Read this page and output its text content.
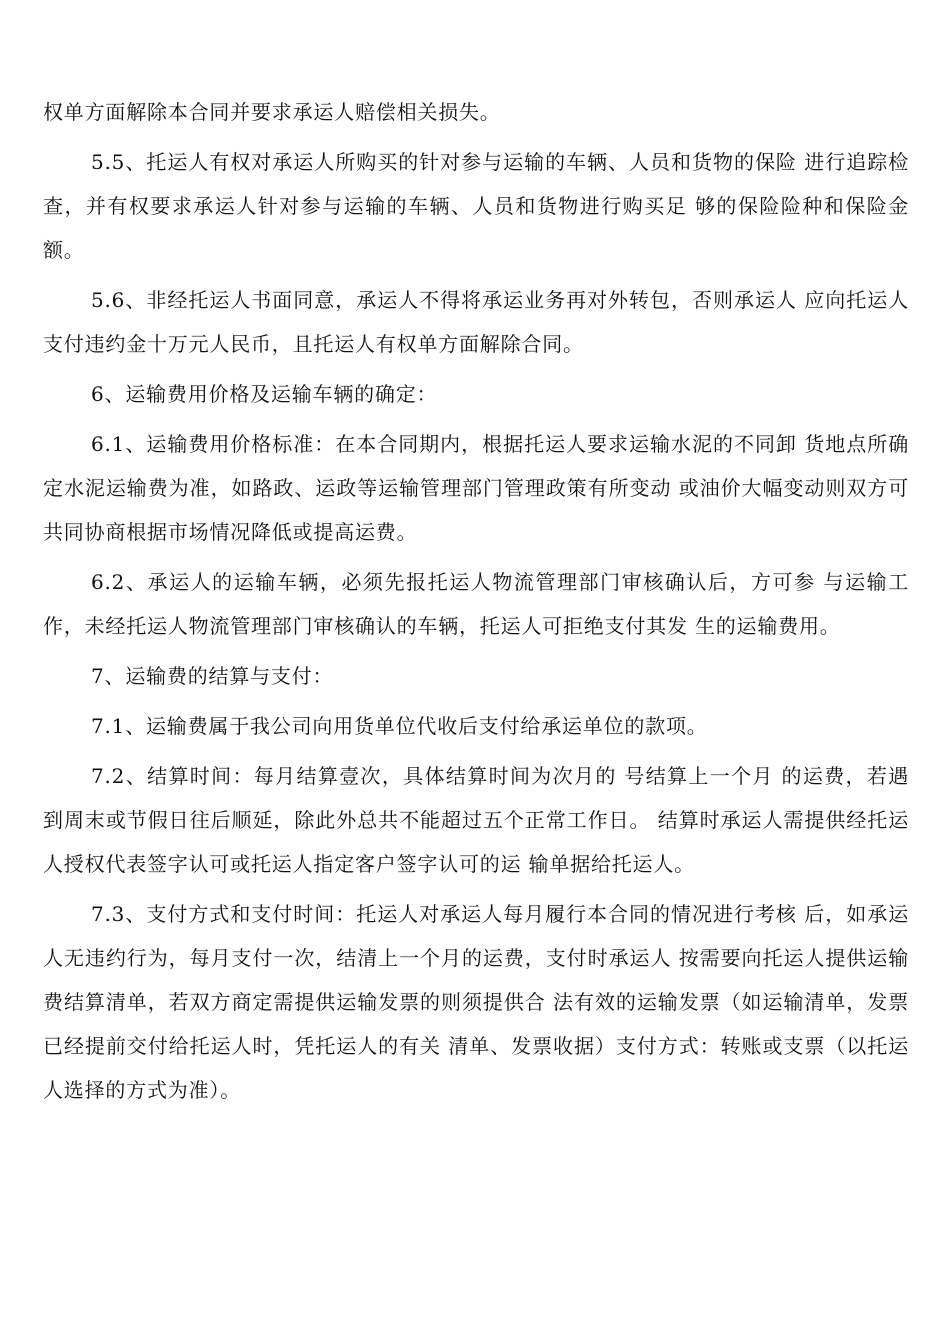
权单方面解除本合同并要求承运人赔偿相关损失。

5.5、托运人有权对承运人所购买的针对参与运输的车辆、人员和货物的保险 进行追踪检查，并有权要求承运人针对参与运输的车辆、人员和货物进行购买足 够的保险险种和保险金额。

5.6、非经托运人书面同意，承运人不得将承运业务再对外转包，否则承运人 应向托运人支付违约金十万元人民币，且托运人有权单方面解除合同。

6、运输费用价格及运输车辆的确定：

6.1、运输费用价格标准：在本合同期内，根据托运人要求运输水泥的不同卸 货地点所确定水泥运输费为准，如路政、运政等运输管理部门管理政策有所变动 或油价大幅变动则双方可共同协商根据市场情况降低或提高运费。

6.2、承运人的运输车辆，必须先报托运人物流管理部门审核确认后，方可参 与运输工作，未经托运人物流管理部门审核确认的车辆，托运人可拒绝支付其发 生的运输费用。

7、运输费的结算与支付：

7.1、运输费属于我公司向用货单位代收后支付给承运单位的款项。

7.2、结算时间：每月结算壹次，具体结算时间为次月的 号结算上一个月 的运费，若遇到周末或节假日往后顺延，除此外总共不能超过五个正常工作日。 结算时承运人需提供经托运人授权代表签字认可或托运人指定客户签字认可的运 输单据给托运人。

7.3、支付方式和支付时间：托运人对承运人每月履行本合同的情况进行考核 后，如承运人无违约行为，每月支付一次，结清上一个月的运费，支付时承运人 按需要向托运人提供运输费结算清单，若双方商定需提供运输发票的则须提供合 法有效的运输发票（如运输清单，发票已经提前交付给托运人时，凭托运人的有关 清单、发票收据）支付方式：转账或支票（以托运人选择的方式为准）。
